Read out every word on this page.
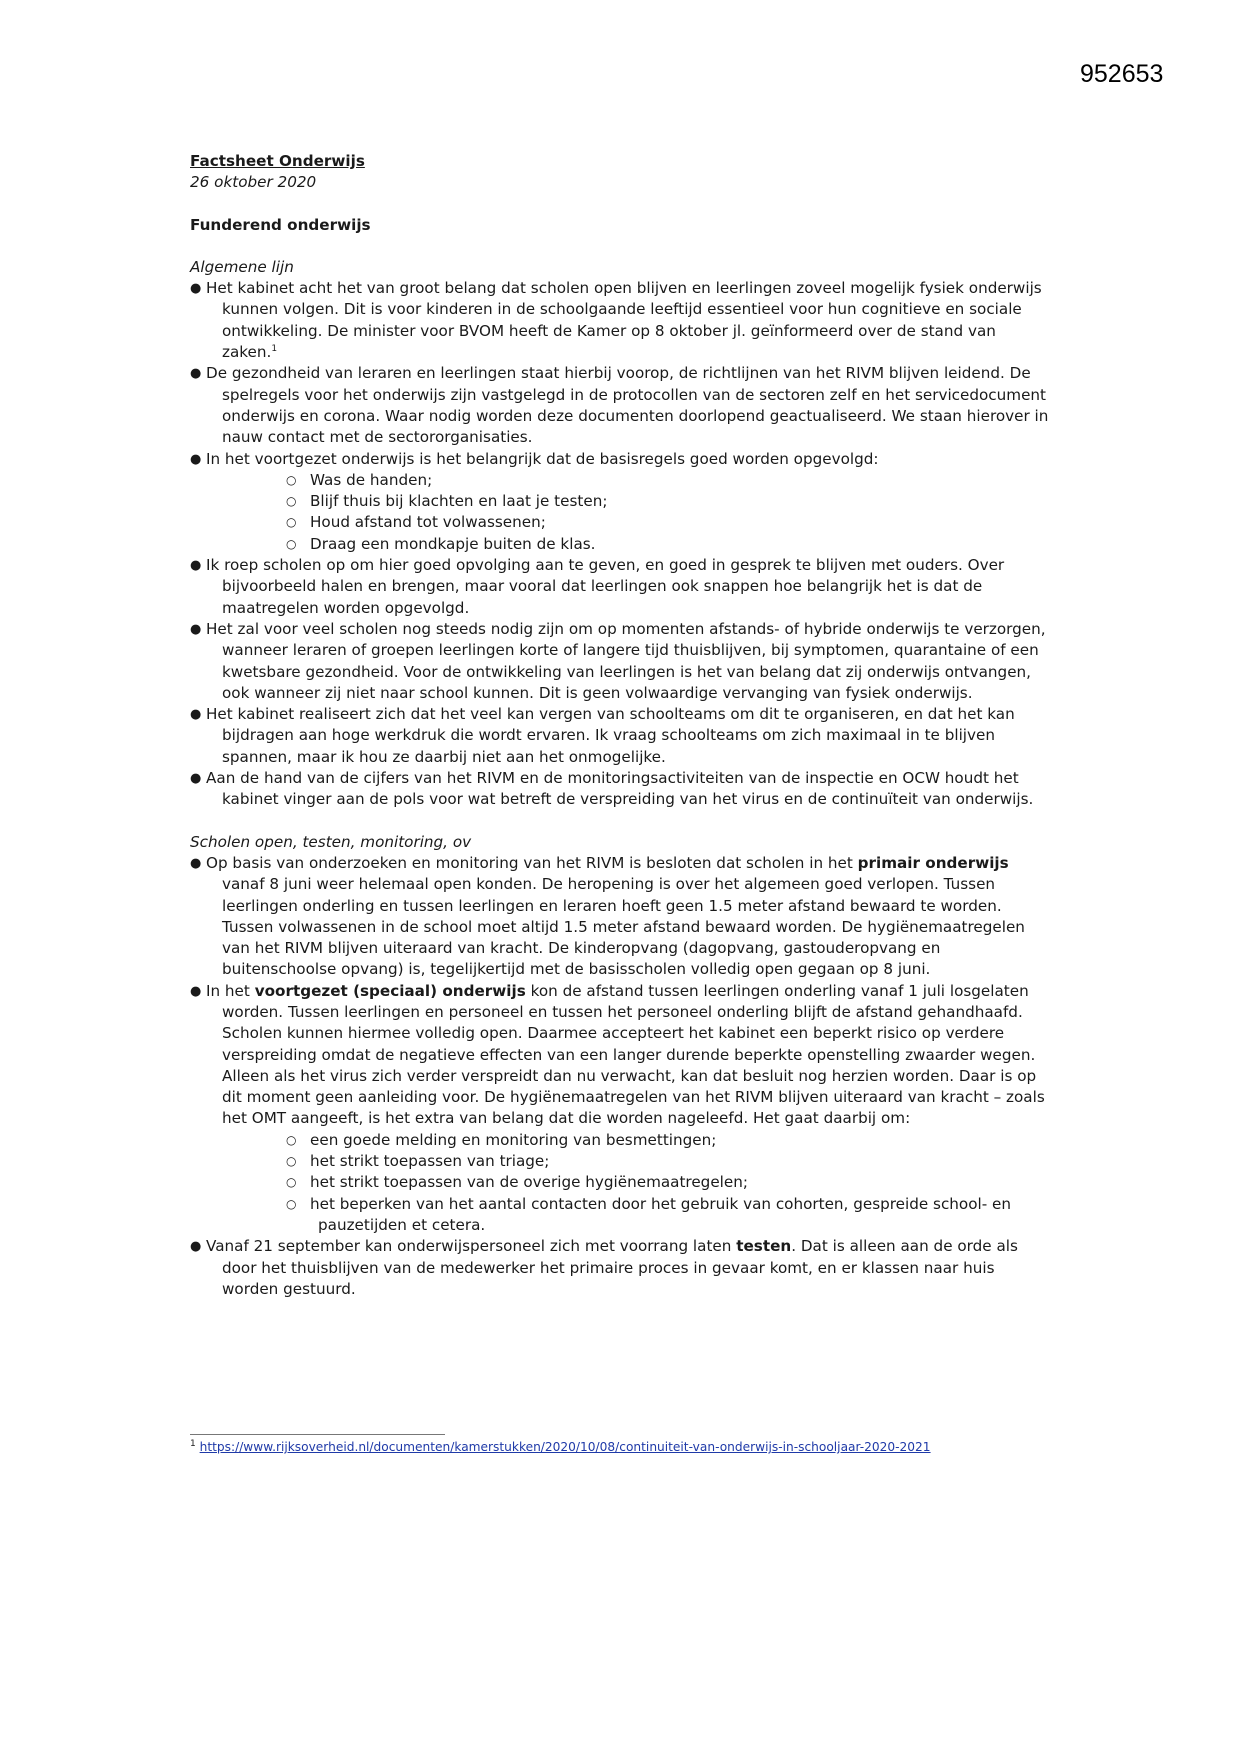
952653

Factsheet Onderwijs

26 oktober 2020

Funderend onderwijs

Algemene lijn

● Het kabinet acht het van groot belang dat scholen open blijven en leerlingen zoveel mogelijk fysiek onderwijs kunnen volgen. Dit is voor kinderen in de schoolgaande leeftijd essentieel voor hun cognitieve en sociale ontwikkeling. De minister voor BVOM heeft de Kamer op 8 oktober jl. geïnformeerd over de stand van zaken.$^1$
● De gezondheid van leraren en leerlingen staat hierbij voorop, de richtlijnen van het RIVM blijven leidend. De spelregels voor het onderwijs zijn vastgelegd in de protocollen van de sectoren zelf en het servicedocument onderwijs en corona. Waar nodig worden deze documenten doorlopend geactualiseerd. We staan hierover in nauw contact met de sectororganisaties.
● In het voortgezet onderwijs is het belangrijk dat de basisregels goed worden opgevolgd:
○ Was de handen;
○ Blijf thuis bij klachten en laat je testen;
○ Houd afstand tot volwassenen;
○ Draag een mondkapje buiten de klas.
● Ik roep scholen op om hier goed opvolging aan te geven, en goed in gesprek te blijven met ouders. Over bijvoorbeeld halen en brengen, maar vooral dat leerlingen ook snappen hoe belangrijk het is dat de maatregelen worden opgevolgd.
● Het zal voor veel scholen nog steeds nodig zijn om op momenten afstands- of hybride onderwijs te verzorgen, wanneer leraren of groepen leerlingen korte of langere tijd thuisblijven, bij symptomen, quarantaine of een kwetsbare gezondheid. Voor de ontwikkeling van leerlingen is het van belang dat zij onderwijs ontvangen, ook wanneer zij niet naar school kunnen. Dit is geen volwaardige vervanging van fysiek onderwijs.
● Het kabinet realiseert zich dat het veel kan vergen van schoolteams om dit te organiseren, en dat het kan bijdragen aan hoge werkdruk die wordt ervaren. Ik vraag schoolteams om zich maximaal in te blijven spannen, maar ik hou ze daarbij niet aan het onmogelijke.
● Aan de hand van de cijfers van het RIVM en de monitoringsactiviteiten van de inspectie en OCW houdt het kabinet vinger aan de pols voor wat betreft de verspreiding van het virus en de continuïteit van onderwijs.

Scholen open, testen, monitoring, ov

● Op basis van onderzoeken en monitoring van het RIVM is besloten dat scholen in het primair onderwijs vanaf 8 juni weer helemaal open konden. De heropening is over het algemeen goed verlopen. Tussen leerlingen onderling en tussen leerlingen en leraren hoeft geen 1.5 meter afstand bewaard te worden. Tussen volwassenen in de school moet altijd 1.5 meter afstand bewaard worden. De hygiënemaatregelen van het RIVM blijven uiteraard van kracht. De kinderopvang (dagopvang, gastouderopvang en buitenschoolse opvang) is, tegelijkertijd met de basisscholen volledig open gegaan op 8 juni.
● In het voortgezet (speciaal) onderwijs kon de afstand tussen leerlingen onderling vanaf 1 juli losgelaten worden. Tussen leerlingen en personeel en tussen het personeel onderling blijft de afstand gehandhaafd. Scholen kunnen hiermee volledig open. Daarmee accepteert het kabinet een beperkt risico op verdere verspreiding omdat de negatieve effecten van een langer durende beperkte openstelling zwaarder wegen. Alleen als het virus zich verder verspreidt dan nu verwacht, kan dat besluit nog herzien worden. Daar is op dit moment geen aanleiding voor. De hygiënemaatregelen van het RIVM blijven uiteraard van kracht – zoals het OMT aangeeft, is het extra van belang dat die worden nageleefd. Het gaat daarbij om:
○ een goede melding en monitoring van besmettingen;
○ het strikt toepassen van triage;
○ het strikt toepassen van de overige hygiënemaatregelen;
○ het beperken van het aantal contacten door het gebruik van cohorten, gespreide school- en pauzetijden et cetera.
● Vanaf 21 september kan onderwijspersoneel zich met voorrang laten testen. Dat is alleen aan de orde als door het thuisblijven van de medewerker het primaire proces in gevaar komt, en er klassen naar huis worden gestuurd.
$^1$ https://www.rijksoverheid.nl/documenten/kamerstukken/2020/10/08/continuiteit-van-onderwijs-in-schooljaar-2020-2021
